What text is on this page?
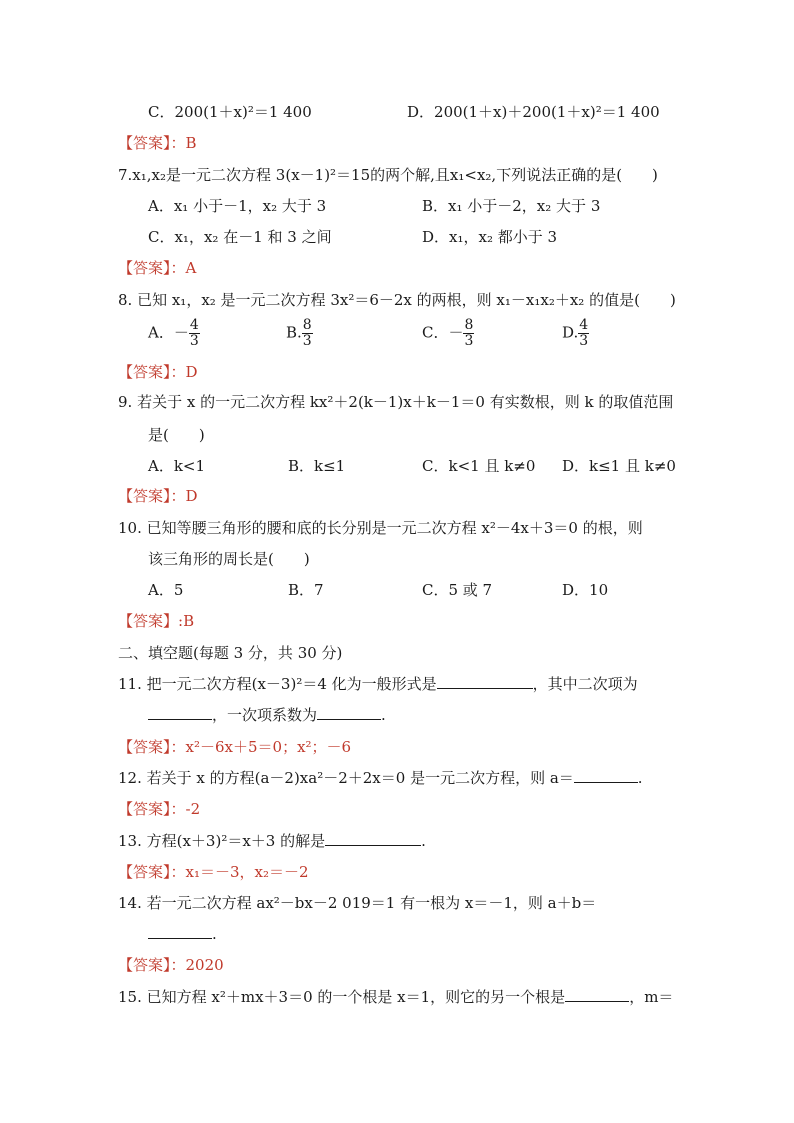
C．200(1＋x)²＝1 400	D．200(1＋x)＋200(1＋x)²＝1 400
【答案】：B
7.x₁,x₂是一元二次方程 3(x－1)²＝15的两个解,且x₁<x₂,下列说法正确的是(　　)
A．x₁ 小于－1，x₂ 大于 3	B．x₁ 小于－2，x₂ 大于 3
C．x₁，x₂ 在－1 和 3 之间	D．x₁，x₂ 都小于 3
【答案】：A
8. 已知 x₁，x₂ 是一元二次方程 3x²＝6－2x 的两根，则 x₁－x₁x₂＋x₂ 的值是(　　)
A．－ $\frac{4}{3}$	B. $\frac{8}{3}$	C．－ $\frac{8}{3}$	D. $\frac{4}{3}$
【答案】：D
9. 若关于 x 的一元二次方程 kx²＋2(k－1)x＋k－1＝0 有实数根，则 k 的取值范围
是(　　)
A．k<1	B．k≤1	C．k<1 且 k≠0 D．k≤1 且 k≠0
【答案】：D
10. 已知等腰三角形的腰和底的长分别是一元二次方程 x²－4x＋3＝0 的根，则
该三角形的周长是(　　)
A．5	B．7	C．5 或 7	D．10
【答案】:B
二、填空题(每题 3 分，共 30 分)
11. 把一元二次方程(x－3)²＝4 化为一般形式是	，其中二次项为
，一次项系数为	.
【答案】：x²－6x＋5＝0；x²；－6
12. 若关于 x 的方程(a－2)xa²－2＋2x＝0 是一元二次方程，则 a＝	.
【答案】：-2
13. 方程(x＋3)²＝x＋3 的解是	.
【答案】：x₁＝－3，x₂＝－2
14. 若一元二次方程 ax²－bx－2 019＝1 有一根为 x＝－1，则 a＋b＝
.
【答案】：2020
15. 已知方程 x²＋mx＋3＝0 的一个根是 x＝1，则它的另一个根是	，m＝
